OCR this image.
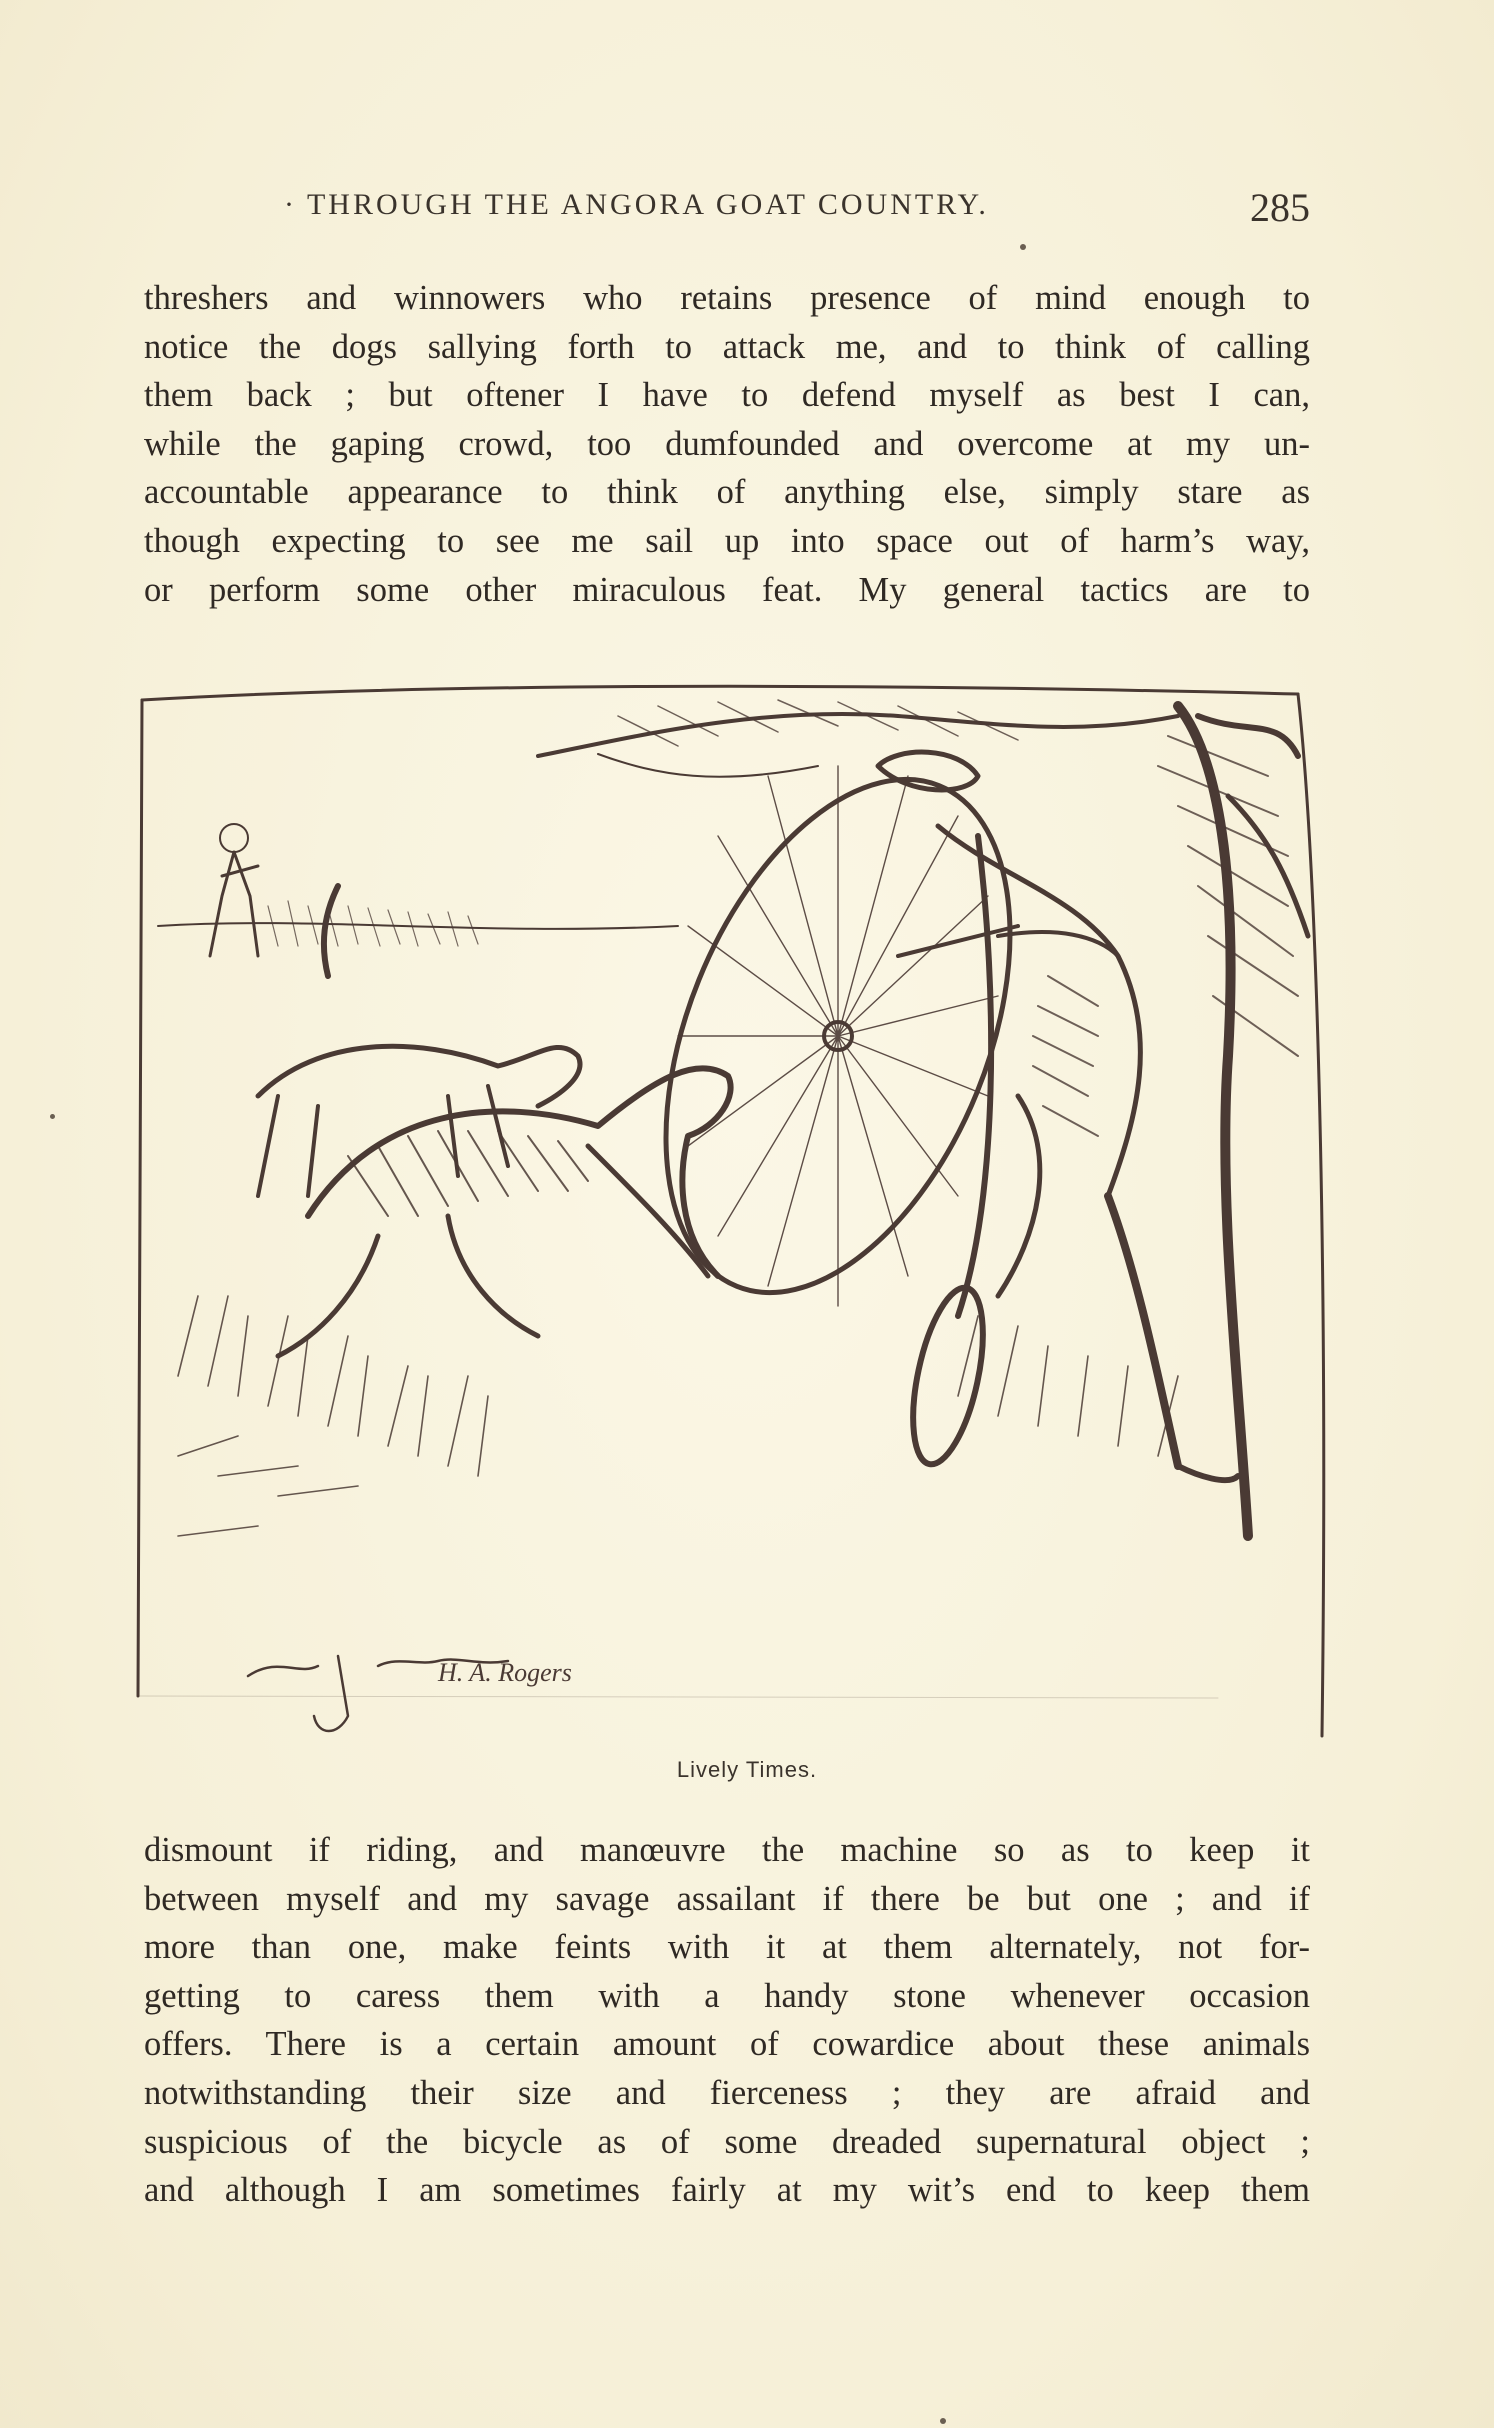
· THROUGH THE ANGORA GOAT COUNTRY.	285
threshers and winnowers who retains presence of mind enough to
notice the dogs sallying forth to attack me, and to think of calling
them back ; but oftener I have to defend myself as best I can,
while the gaping crowd, too dumfounded and overcome at my un-
accountable appearance to think of anything else, simply stare as
though expecting to see me sail up into space out of harm’s way,
or perform some other miraculous feat. My general tactics are to
H. A. Rogers
Lively Times.
dismount if riding, and manœuvre the machine so as to keep it
between myself and my savage assailant if there be but one ; and if
more than one, make feints with it at them alternately, not for-
getting to caress them with a handy stone whenever occasion
offers. There is a certain amount of cowardice about these animals
notwithstanding their size and fierceness ; they are afraid and
suspicious of the bicycle as of some dreaded supernatural object ;
and although I am sometimes fairly at my wit’s end to keep them
